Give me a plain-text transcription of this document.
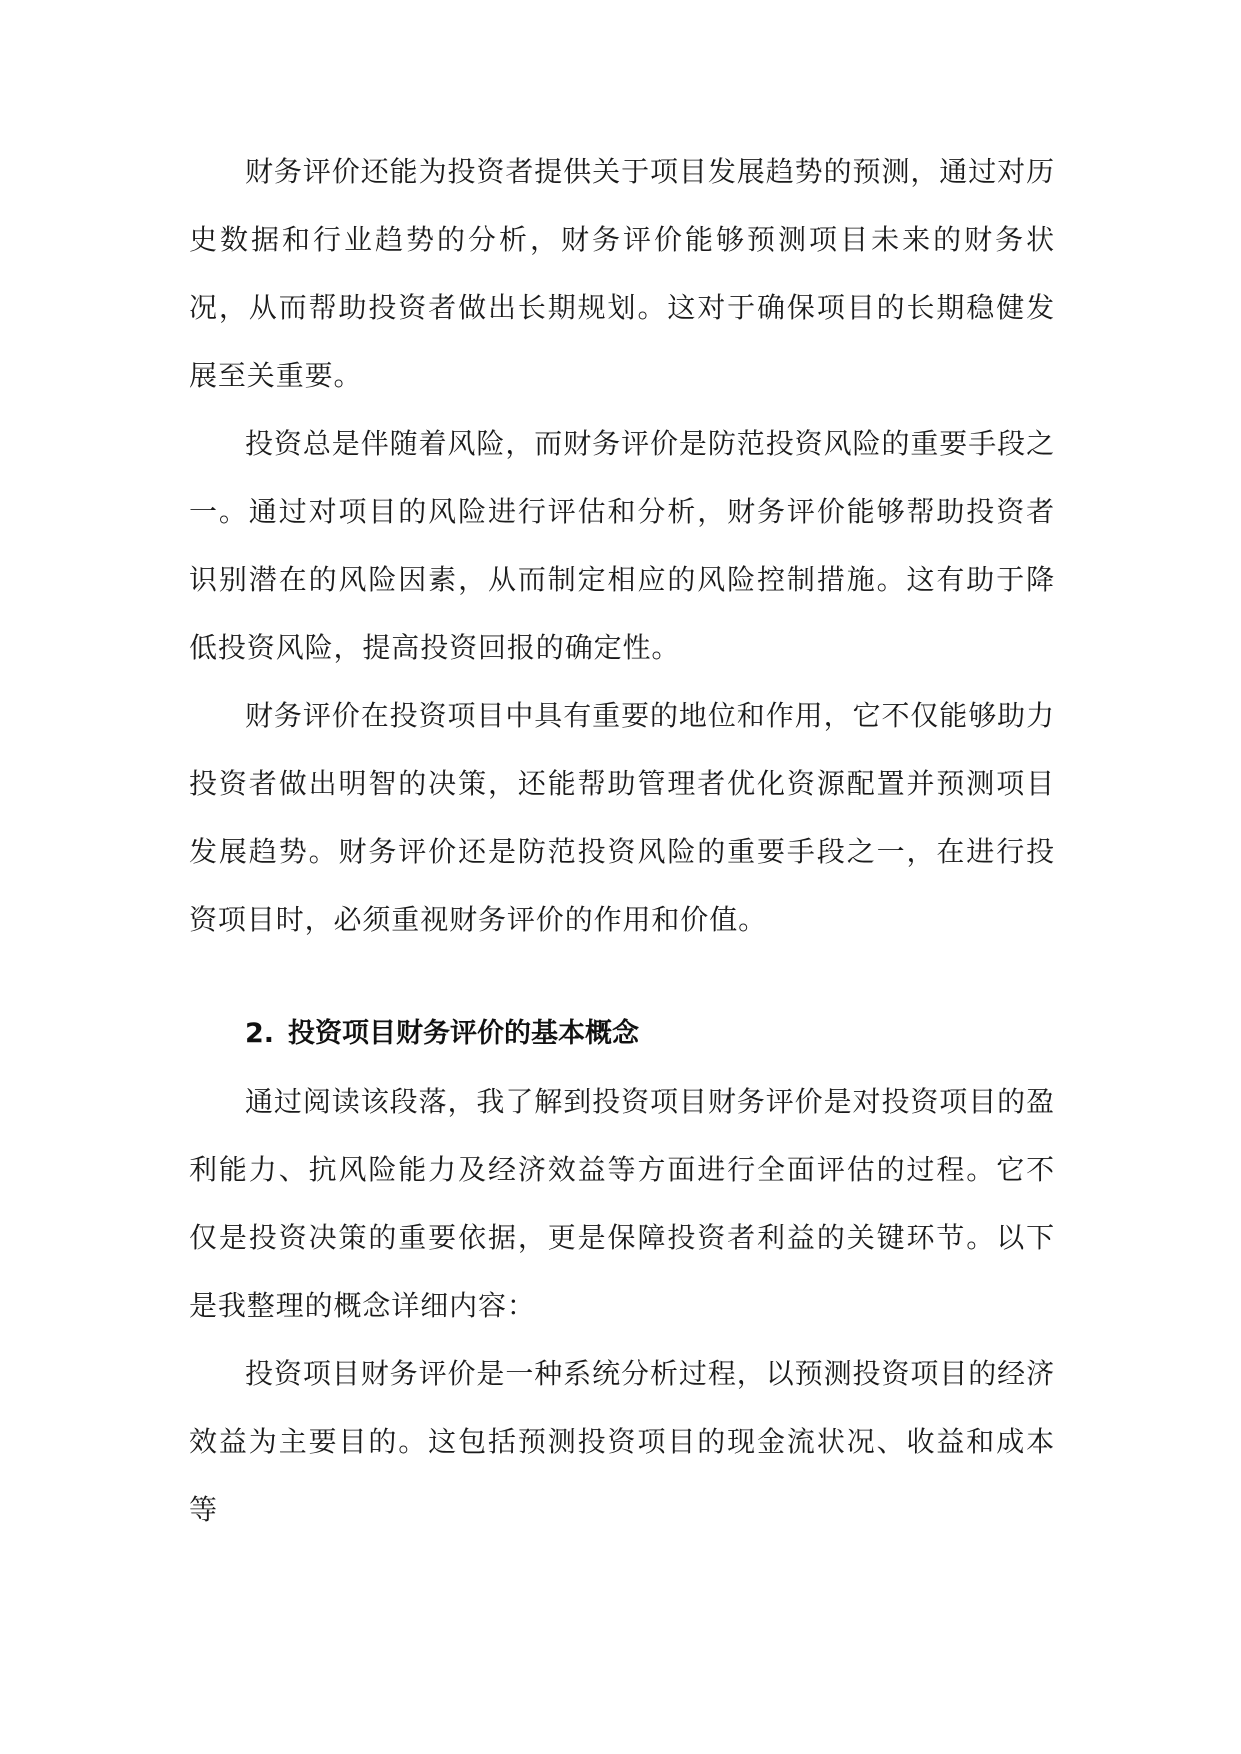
财务评价还能为投资者提供关于项目发展趋势的预测，通过对历史数据和行业趋势的分析，财务评价能够预测项目未来的财务状况，从而帮助投资者做出长期规划。这对于确保项目的长期稳健发展至关重要。

投资总是伴随着风险，而财务评价是防范投资风险的重要手段之一。通过对项目的风险进行评估和分析，财务评价能够帮助投资者识别潜在的风险因素，从而制定相应的风险控制措施。这有助于降低投资风险，提高投资回报的确定性。

财务评价在投资项目中具有重要的地位和作用，它不仅能够助力投资者做出明智的决策，还能帮助管理者优化资源配置并预测项目发展趋势。财务评价还是防范投资风险的重要手段之一，在进行投资项目时，必须重视财务评价的作用和价值。

2. 投资项目财务评价的基本概念

通过阅读该段落，我了解到投资项目财务评价是对投资项目的盈利能力、抗风险能力及经济效益等方面进行全面评估的过程。它不仅是投资决策的重要依据，更是保障投资者利益的关键环节。以下是我整理的概念详细内容：

投资项目财务评价是一种系统分析过程，以预测投资项目的经济效益为主要目的。这包括预测投资项目的现金流状况、收益和成本等
